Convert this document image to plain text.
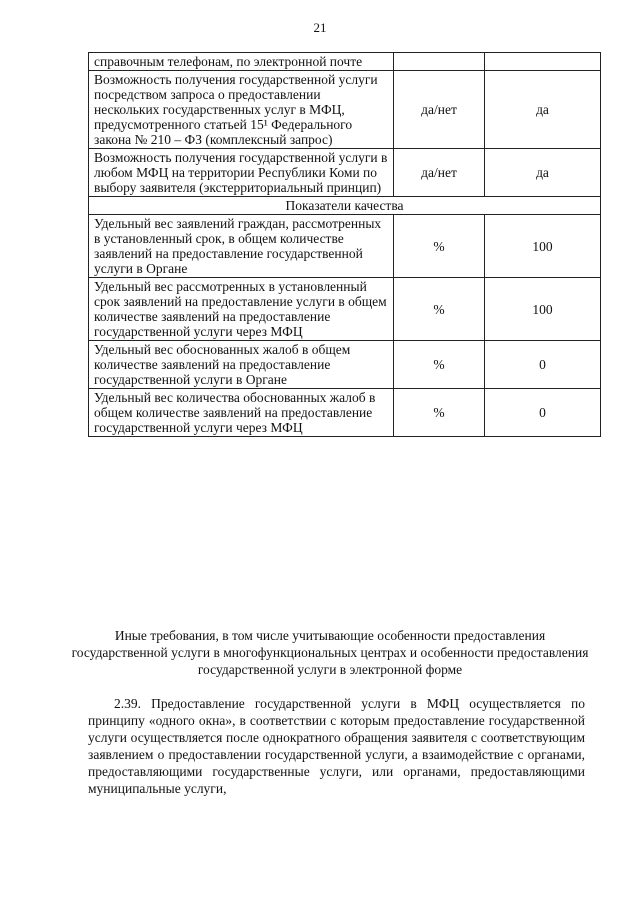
21
справочным телефонам, по электронной почте		
Возможность получения государственной услуги посредством запроса о предоставлении нескольких государственных услуг в МФЦ, предусмотренного статьей 15¹ Федерального закона № 210 – ФЗ (комплексный запрос)	да/нет	да
Возможность получения государственной услуги в любом МФЦ на территории Республики Коми по выбору заявителя (экстерриториальный принцип)	да/нет	да
Показатели качества		
Удельный вес заявлений граждан, рассмотренных в установленный срок, в общем количестве заявлений на предоставление государственной услуги в Органе	%	100
Удельный вес рассмотренных в установленный срок заявлений на предоставление услуги в общем количестве заявлений на предоставление государственной услуги через МФЦ	%	100
Удельный вес обоснованных жалоб в общем количестве заявлений на предоставление государственной услуги в Органе	%	0
Удельный вес количества обоснованных жалоб в общем количестве заявлений на предоставление государственной услуги через МФЦ	%	0
Иные требования, в том числе учитывающие особенности предоставления государственной услуги в многофункциональных центрах и особенности предоставления государственной услуги в электронной форме
2.39. Предоставление государственной услуги в МФЦ осуществляется по принципу «одного окна», в соответствии с которым предоставление государственной услуги осуществляется после однократного обращения заявителя с соответствующим заявлением о предоставлении государственной услуги, а взаимодействие с органами, предоставляющими государственные услуги, или органами, предоставляющими муниципальные услуги,
